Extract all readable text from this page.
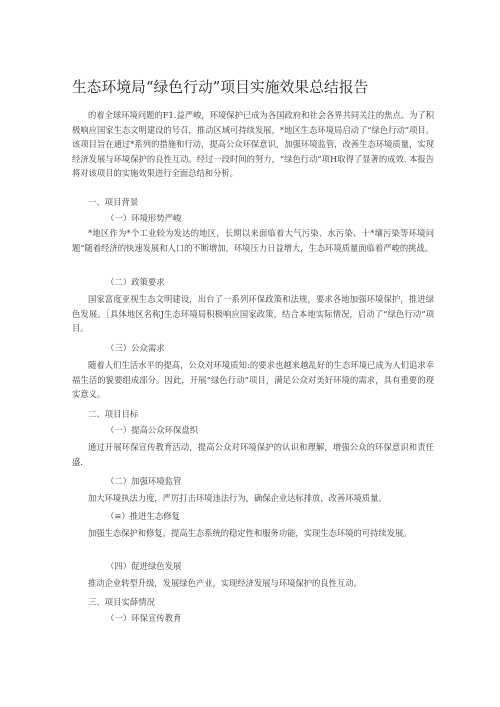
生态环境局“绿色行动”项目实施效果总结报告
的着全球环境问题的F1.益严峻，环境保护已成为各国政府和社会各界共同关注的焦点。为了积极响应国家生态文明建设的号召，推动区域可持续发展，*地区生态环境局启动了“绿色行动”项目。该项目旨在通过*系列的措施和行动，提高公众环保意识，加强环境监管，改善生态环境质量，实现经济发展与环境保护的良性互动。经过一段时间的努力，“绿色行动”项H取得了显著的成效. 本报告将对该项目的实施效果进行全面总结和分析。
一、项目背景
（一）环境形势严峻
*地区作为*个工业较为发达的地区，长期以来面临着大气污染、水污染、十*壤污染等环境问题“随着经济的快速发展和人口的不断增加，环境压力日益增大，生态环境质量面临着严峻的挑战。
（二）政策要求
国家富度亚视生态文明建设，出台了一系列环保政策和法规，要求各地加强环境保护，推进绿色发展。［具体地区名称J生态环境局积极响应国家政策，结合本地实际情况，启动了“绿色行动”项目。
（三）公众需求
随着人们生活水平的提高，公众对环境质知:的要求也越来越乱好的生态环境已成为人们追求幸福生活的貌要组成部分。因此，开展“绿色行动”项目，满足公众对美好环境的需求，具有重要的现实意义。
二、项目目标
（一）提高公众环保盘织
通过开展环保宣传教育活动，提高公众对环境保护的认识和理解，增强公众的环保意识和责任盛.
（二）加强环境监管
加大环境执法力度，严厉打击环境违法行为，确保企业达标排放，改善环境质量。
（≡）推进生态修复
加强生态保护和修复，提高生态系统的稳定性和服务功能，实现生态环境的可持续发展。
（四）促进绿色发展
推动企业转型升级，发展绿色产业，实现经济发展与环境保护的良性互动。
三、项目实薛情况
（一）环保宣传教育
